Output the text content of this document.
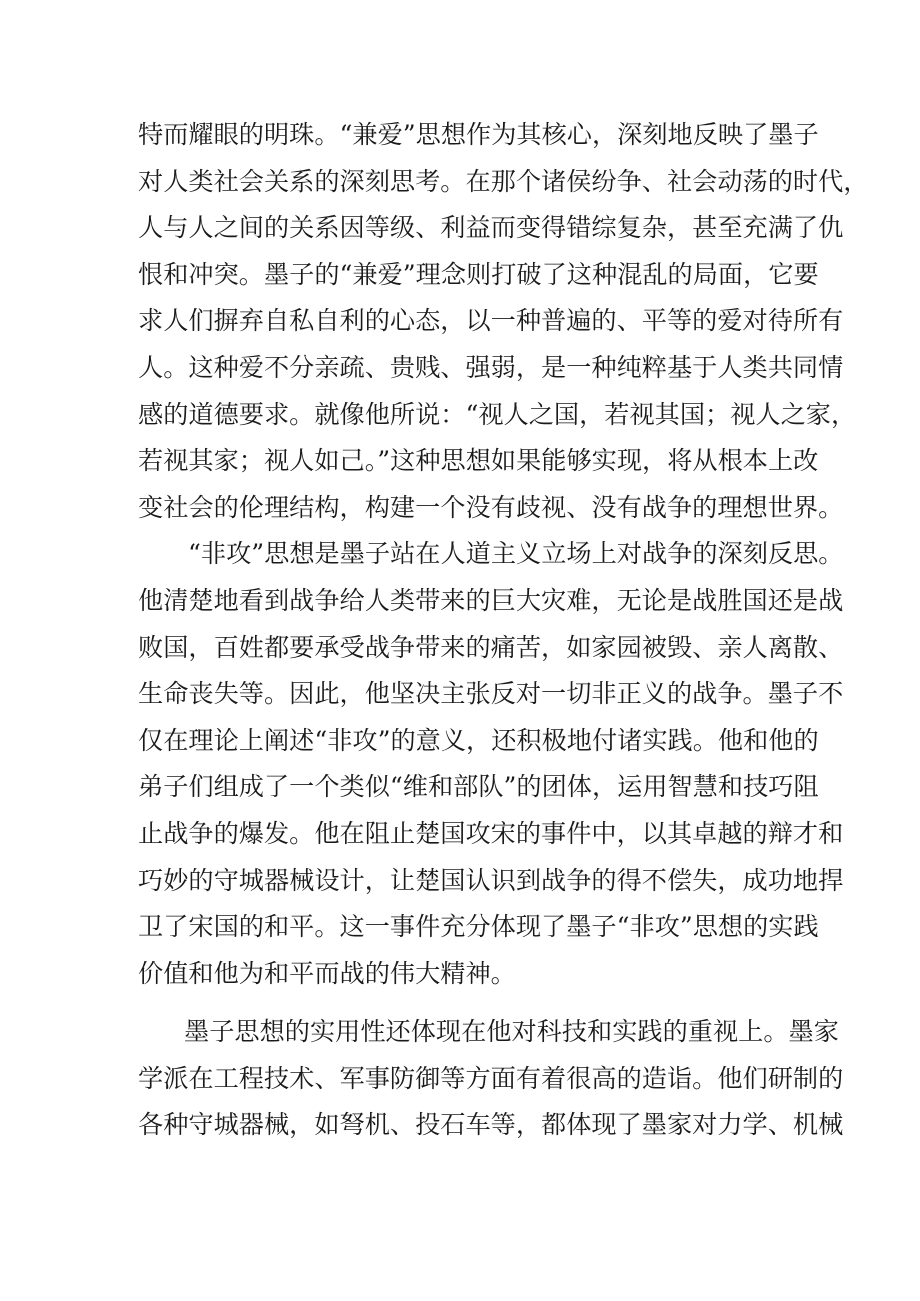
特而耀眼的明珠。“兼爱”思想作为其核心，深刻地反映了墨子
对人类社会关系的深刻思考。在那个诸侯纷争、社会动荡的时代，
人与人之间的关系因等级、利益而变得错综复杂，甚至充满了仇
恨和冲突。墨子的“兼爱”理念则打破了这种混乱的局面，它要
求人们摒弃自私自利的心态，以一种普遍的、平等的爱对待所有
人。这种爱不分亲疏、贵贱、强弱，是一种纯粹基于人类共同情
感的道德要求。就像他所说：“视人之国，若视其国；视人之家，
若视其家；视人如己。”这种思想如果能够实现，将从根本上改
变社会的伦理结构，构建一个没有歧视、没有战争的理想世界。
“非攻”思想是墨子站在人道主义立场上对战争的深刻反思。
他清楚地看到战争给人类带来的巨大灾难，无论是战胜国还是战
败国，百姓都要承受战争带来的痛苦，如家园被毁、亲人离散、
生命丧失等。因此，他坚决主张反对一切非正义的战争。墨子不
仅在理论上阐述“非攻”的意义，还积极地付诸实践。他和他的
弟子们组成了一个类似“维和部队”的团体，运用智慧和技巧阻
止战争的爆发。他在阻止楚国攻宋的事件中，以其卓越的辩才和
巧妙的守城器械设计，让楚国认识到战争的得不偿失，成功地捍
卫了宋国的和平。这一事件充分体现了墨子“非攻”思想的实践
价值和他为和平而战的伟大精神。
墨子思想的实用性还体现在他对科技和实践的重视上。墨家
学派在工程技术、军事防御等方面有着很高的造诣。他们研制的
各种守城器械，如弩机、投石车等，都体现了墨家对力学、机械
